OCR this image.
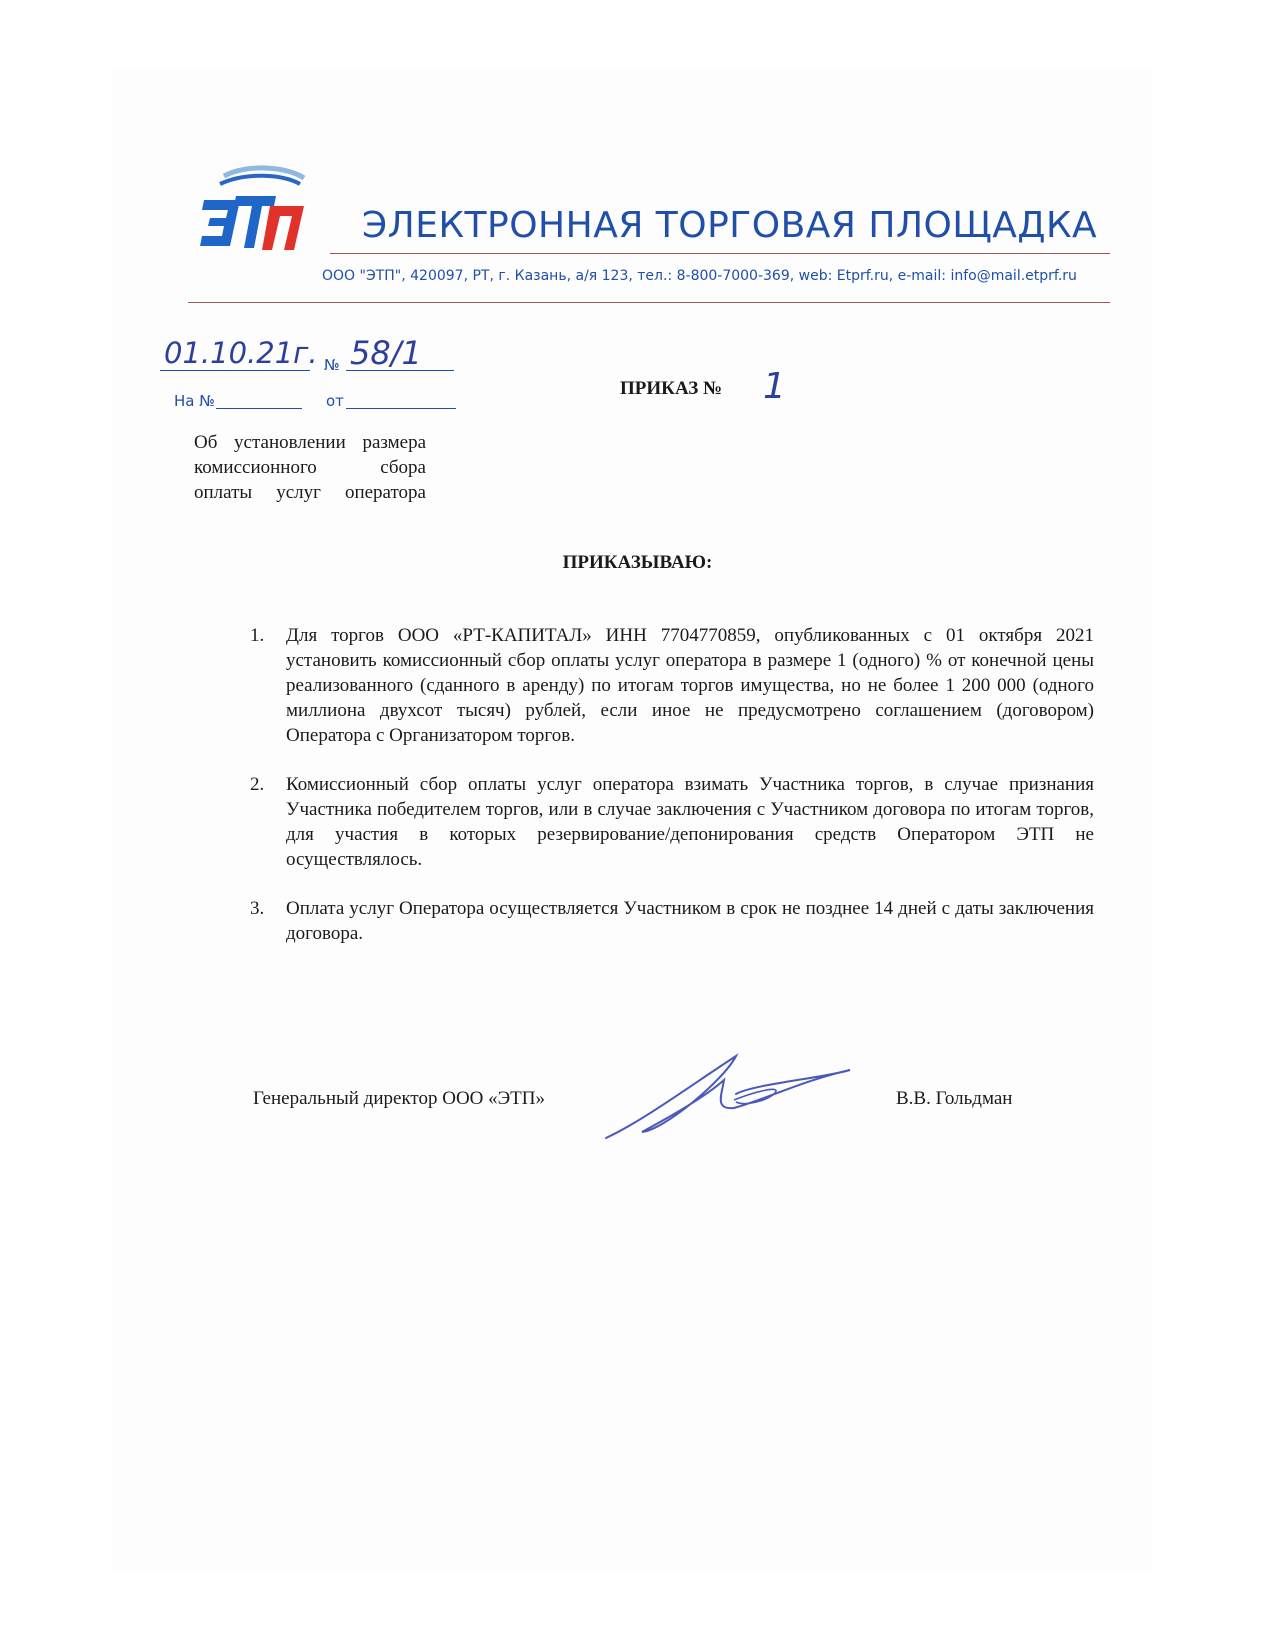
ЭЛЕКТРОННАЯ ТОРГОВАЯ ПЛОЩАДКА
ООО "ЭТП", 420097, РТ, г. Казань, а/я 123, тел.: 8-800-7000-369, web: Etprf.ru, e-mail: info@mail.etprf.ru
01.10.21г. № 58/1
На №	от
Об установлении размера комиссионного сбора оплаты услуг оператора
ПРИКАЗ № 1
ПРИКАЗЫВАЮ:
1.	Для торгов ООО «РТ-КАПИТАЛ» ИНН 7704770859, опубликованных с 01 октября 2021 установить комиссионный сбор оплаты услуг оператора в размере 1 (одного) % от конечной цены реализованного (сданного в аренду) по итогам торгов имущества, но не более 1 200 000 (одного миллиона двухсот тысяч) рублей, если иное не предусмотрено соглашением (договором) Оператора с Организатором торгов.
2.	Комиссионный сбор оплаты услуг оператора взимать Участника торгов, в случае признания Участника победителем торгов, или в случае заключения с Участником договора по итогам торгов, для участия в которых резервирование/депонирования средств Оператором ЭТП не осуществлялось.
3.	Оплата услуг Оператора осуществляется Участником в срок не позднее 14 дней с даты заключения договора.
Генеральный директор ООО «ЭТП»	В.В. Гольдман
